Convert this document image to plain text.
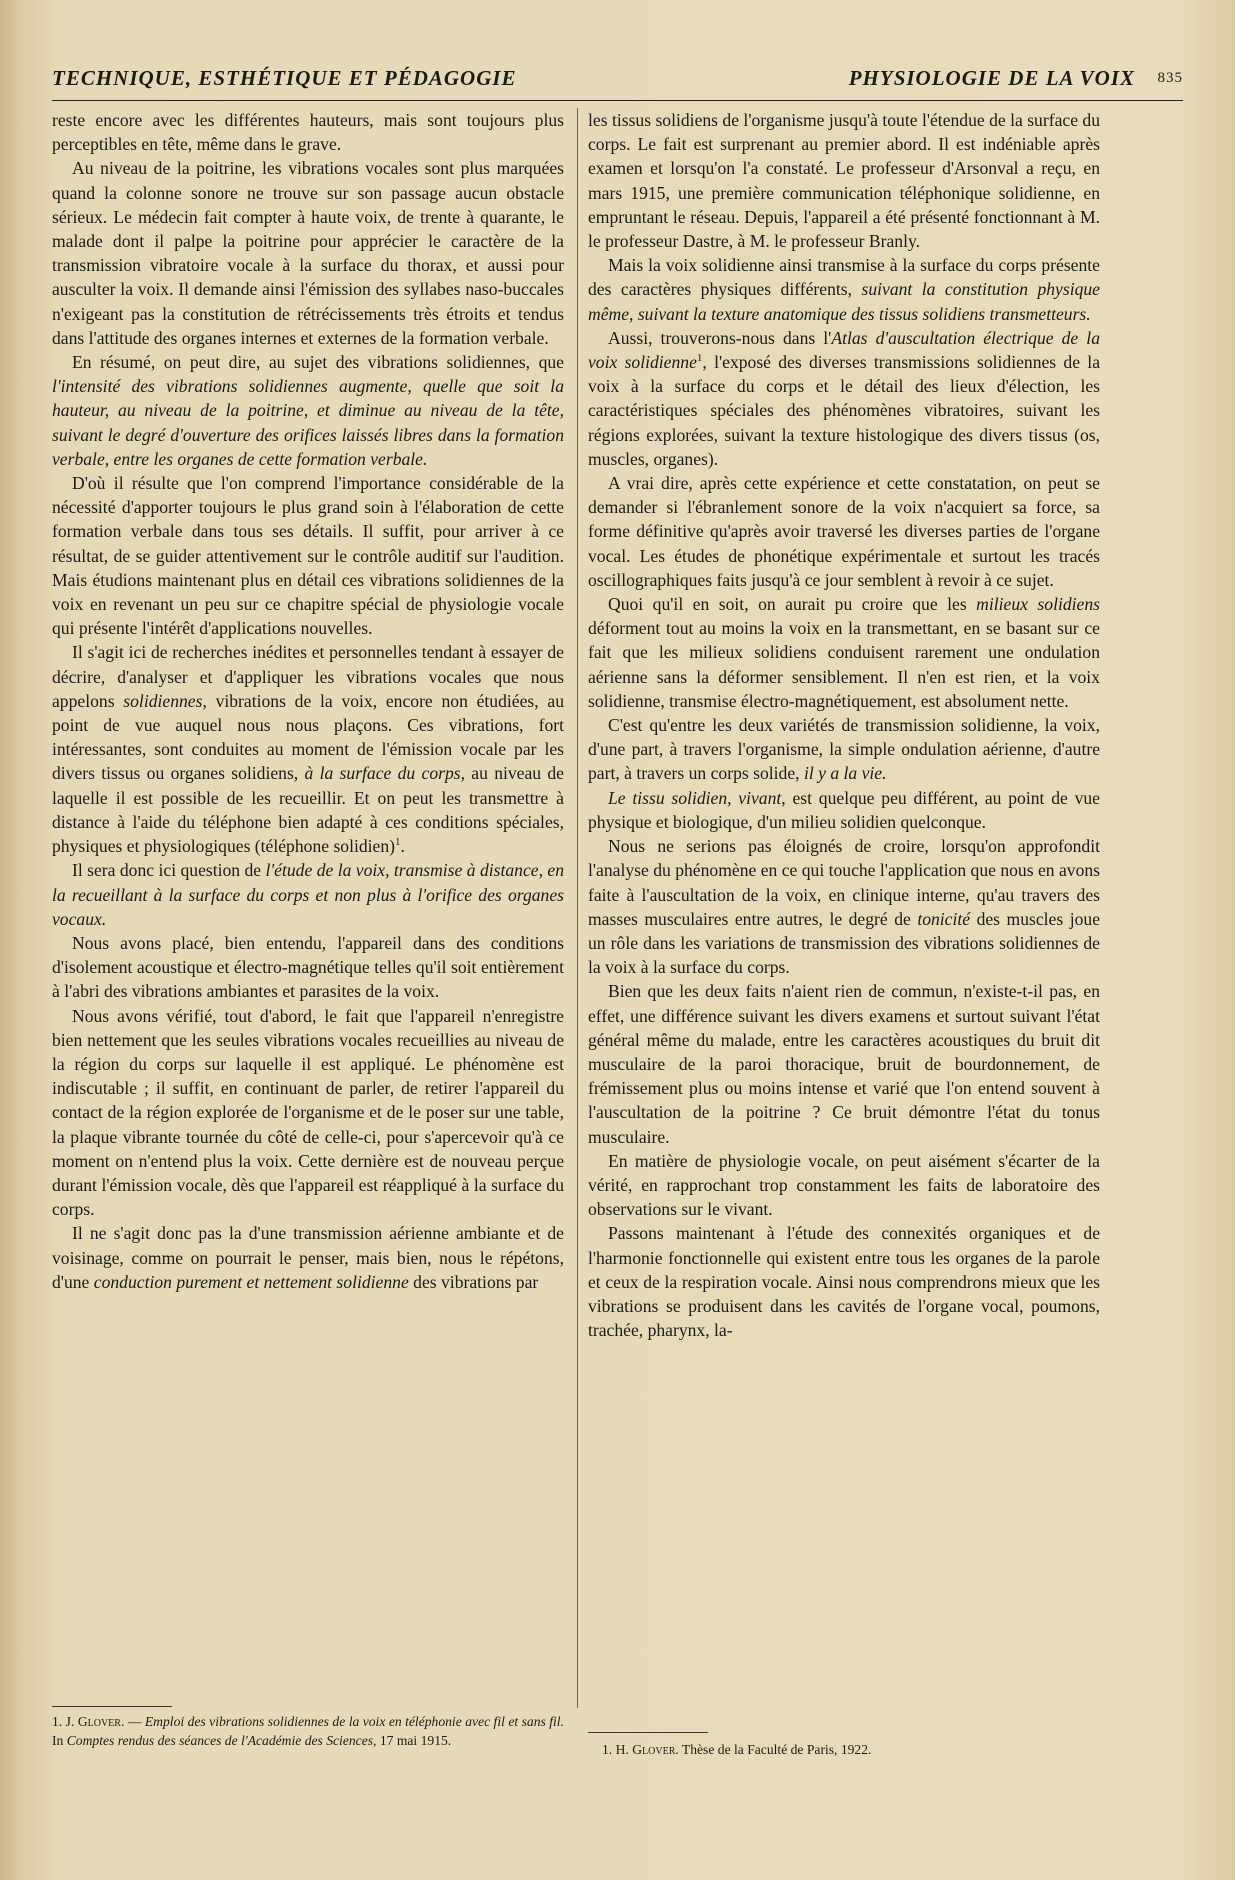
TECHNIQUE, ESTHÉTIQUE ET PÉDAGOGIE	PHYSIOLOGIE DE LA VOIX 835

reste encore avec les différentes hauteurs, mais sont toujours plus perceptibles en tête, même dans le grave.

Au niveau de la poitrine, les vibrations vocales sont plus marquées quand la colonne sonore ne trouve sur son passage aucun obstacle sérieux. Le médecin fait compter à haute voix, de trente à quarante, le malade dont il palpe la poitrine pour apprécier le caractère de la transmission vibratoire vocale à la surface du thorax, et aussi pour ausculter la voix. Il demande ainsi l'émission des syllabes naso-buccales n'exigeant pas la constitution de rétrécissements très étroits et tendus dans l'attitude des organes internes et externes de la formation verbale.

En résumé, on peut dire, au sujet des vibrations solidiennes, que l'intensité des vibrations solidiennes augmente, quelle que soit la hauteur, au niveau de la poitrine, et diminue au niveau de la tête, suivant le degré d'ouverture des orifices laissés libres dans la formation verbale, entre les organes de cette formation verbale.

D'où il résulte que l'on comprend l'importance considérable de la nécessité d'apporter toujours le plus grand soin à l'élaboration de cette formation verbale dans tous ses détails. Il suffit, pour arriver à ce résultat, de se guider attentivement sur le contrôle auditif sur l'audition. Mais étudions maintenant plus en détail ces vibrations solidiennes de la voix en revenant un peu sur ce chapitre spécial de physiologie vocale qui présente l'intérêt d'applications nouvelles.

Il s'agit ici de recherches inédites et personnelles tendant à essayer de décrire, d'analyser et d'appliquer les vibrations vocales que nous appelons solidiennes, vibrations de la voix, encore non étudiées, au point de vue auquel nous nous plaçons. Ces vibrations, fort intéressantes, sont conduites au moment de l'émission vocale par les divers tissus ou organes solidiens, à la surface du corps, au niveau de laquelle il est possible de les recueillir. Et on peut les transmettre à distance à l'aide du téléphone bien adapté à ces conditions spéciales, physiques et physiologiques (téléphone solidien)$^1$.

Il sera donc ici question de l'étude de la voix, transmise à distance, en la recueillant à la surface du corps et non plus à l'orifice des organes vocaux.

Nous avons placé, bien entendu, l'appareil dans des conditions d'isolement acoustique et électro-magnétique telles qu'il soit entièrement à l'abri des vibrations ambiantes et parasites de la voix.

Nous avons vérifié, tout d'abord, le fait que l'appareil n'enregistre bien nettement que les seules vibrations vocales recueillies au niveau de la région du corps sur laquelle il est appliqué. Le phénomène est indiscutable ; il suffit, en continuant de parler, de retirer l'appareil du contact de la région explorée de l'organisme et de le poser sur une table, la plaque vibrante tournée du côté de celle-ci, pour s'apercevoir qu'à ce moment on n'entend plus la voix. Cette dernière est de nouveau perçue durant l'émission vocale, dès que l'appareil est réappliqué à la surface du corps.

Il ne s'agit donc pas la d'une transmission aérienne ambiante et de voisinage, comme on pourrait le penser, mais bien, nous le répétons, d'une conduction purement et nettement solidienne des vibrations par

1. J. Glover. — Emploi des vibrations solidiennes de la voix en téléphonie avec fil et sans fil. In Comptes rendus des séances de l'Académie des Sciences, 17 mai 1915.

les tissus solidiens de l'organisme jusqu'à toute l'étendue de la surface du corps. Le fait est surprenant au premier abord. Il est indéniable après examen et lorsqu'on l'a constaté. Le professeur d'Arsonval a reçu, en mars 1915, une première communication téléphonique solidienne, en empruntant le réseau. Depuis, l'appareil a été présenté fonctionnant à M. le professeur Dastre, à M. le professeur Branly.

Mais la voix solidienne ainsi transmise à la surface du corps présente des caractères physiques différents, suivant la constitution physique même, suivant la texture anatomique des tissus solidiens transmetteurs.

Aussi, trouverons-nous dans l'Atlas d'auscultation électrique de la voix solidienne$^1$, l'exposé des diverses transmissions solidiennes de la voix à la surface du corps et le détail des lieux d'élection, les caractéristiques spéciales des phénomènes vibratoires, suivant les régions explorées, suivant la texture histologique des divers tissus (os, muscles, organes).

A vrai dire, après cette expérience et cette constatation, on peut se demander si l'ébranlement sonore de la voix n'acquiert sa force, sa forme définitive qu'après avoir traversé les diverses parties de l'organe vocal. Les études de phonétique expérimentale et surtout les tracés oscillographiques faits jusqu'à ce jour semblent à revoir à ce sujet.

Quoi qu'il en soit, on aurait pu croire que les milieux solidiens déforment tout au moins la voix en la transmettant, en se basant sur ce fait que les milieux solidiens conduisent rarement une ondulation aérienne sans la déformer sensiblement. Il n'en est rien, et la voix solidienne, transmise électro-magnétiquement, est absolument nette.

C'est qu'entre les deux variétés de transmission solidienne, la voix, d'une part, à travers l'organisme, la simple ondulation aérienne, d'autre part, à travers un corps solide, il y a la vie.

Le tissu solidien, vivant, est quelque peu différent, au point de vue physique et biologique, d'un milieu solidien quelconque.

Nous ne serions pas éloignés de croire, lorsqu'on approfondit l'analyse du phénomène en ce qui touche l'application que nous en avons faite à l'auscultation de la voix, en clinique interne, qu'au travers des masses musculaires entre autres, le degré de tonicité des muscles joue un rôle dans les variations de transmission des vibrations solidiennes de la voix à la surface du corps.

Bien que les deux faits n'aient rien de commun, n'existe-t-il pas, en effet, une différence suivant les divers examens et surtout suivant l'état général même du malade, entre les caractères acoustiques du bruit dit musculaire de la paroi thoracique, bruit de bourdonnement, de frémissement plus ou moins intense et varié que l'on entend souvent à l'auscultation de la poitrine ? Ce bruit démontre l'état du tonus musculaire.

En matière de physiologie vocale, on peut aisément s'écarter de la vérité, en rapprochant trop constamment les faits de laboratoire des observations sur le vivant.

Passons maintenant à l'étude des connexités organiques et de l'harmonie fonctionnelle qui existent entre tous les organes de la parole et ceux de la respiration vocale. Ainsi nous comprendrons mieux que les vibrations se produisent dans les cavités de l'organe vocal, poumons, trachée, pharynx, la-

1. H. Glover. Thèse de la Faculté de Paris, 1922.
